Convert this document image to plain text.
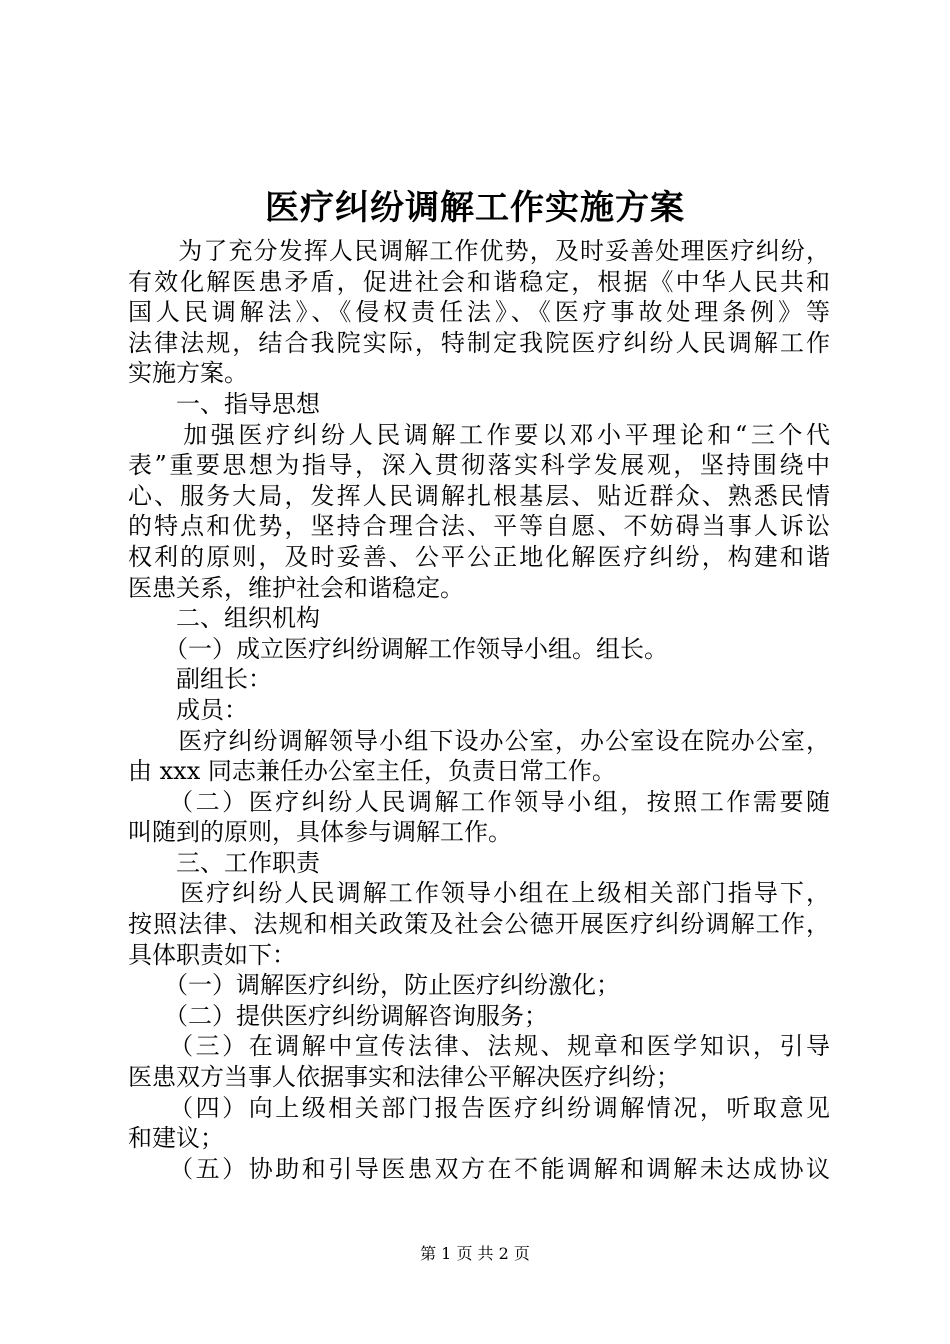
医疗纠纷调解工作实施方案
　　为了充分发挥人民调解工作优势，及时妥善处理医疗纠纷，
有效化解医患矛盾，促进社会和谐稳定，根据《中华人民共和
国人民调解法》、《侵权责任法》、《医疗事故处理条例》等
法律法规，结合我院实际，特制定我院医疗纠纷人民调解工作
实施方案。
　　一、指导思想
　　加强医疗纠纷人民调解工作要以邓小平理论和“三个代
表”重要思想为指导，深入贯彻落实科学发展观，坚持围绕中
心、服务大局，发挥人民调解扎根基层、贴近群众、熟悉民情
的特点和优势，坚持合理合法、平等自愿、不妨碍当事人诉讼
权利的原则，及时妥善、公平公正地化解医疗纠纷，构建和谐
医患关系，维护社会和谐稳定。
　　二、组织机构
　　（一）成立医疗纠纷调解工作领导小组。组长。
　　副组长：
　　成员：
　　医疗纠纷调解领导小组下设办公室，办公室设在院办公室，
由 xxx 同志兼任办公室主任，负责日常工作。
　　（二）医疗纠纷人民调解工作领导小组，按照工作需要随
叫随到的原则，具体参与调解工作。
　　三、工作职责
　　医疗纠纷人民调解工作领导小组在上级相关部门指导下，
按照法律、法规和相关政策及社会公德开展医疗纠纷调解工作，
具体职责如下：
　　（一）调解医疗纠纷，防止医疗纠纷激化；
　　（二）提供医疗纠纷调解咨询服务；
　　（三）在调解中宣传法律、法规、规章和医学知识，引导
医患双方当事人依据事实和法律公平解决医疗纠纷；
　　（四）向上级相关部门报告医疗纠纷调解情况，听取意见
和建议；
　　（五）协助和引导医患双方在不能调解和调解未达成协议
第 1 页 共 2 页
